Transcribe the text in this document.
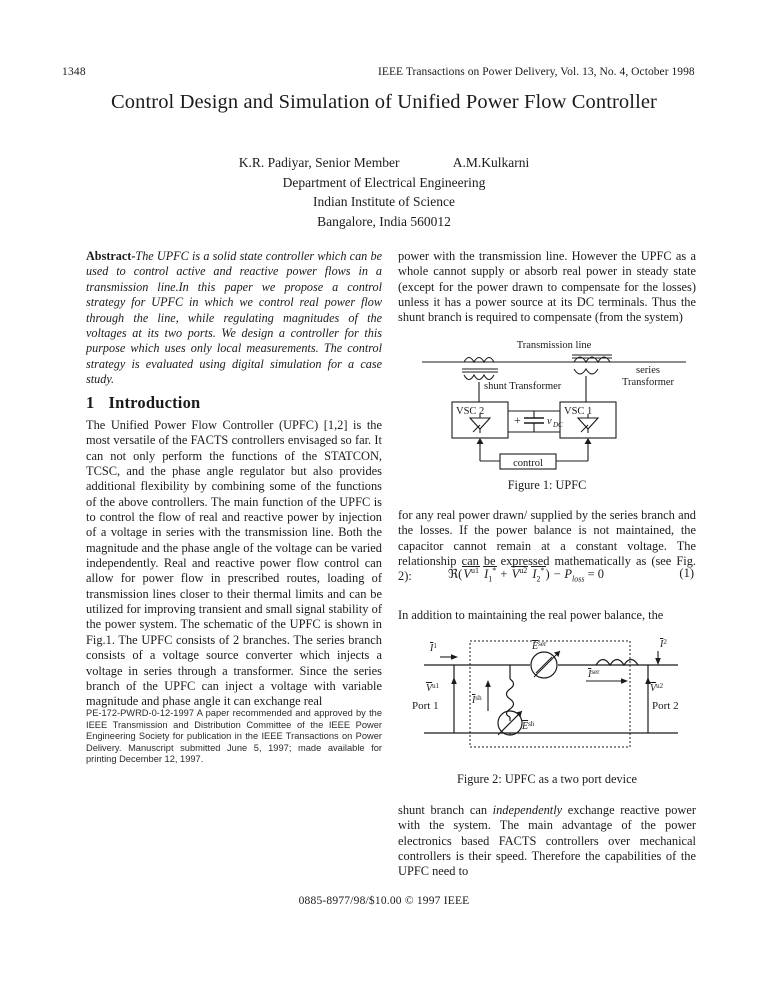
1348	IEEE Transactions on Power Delivery, Vol. 13, No. 4, October 1998
Control Design and Simulation of Unified Power Flow Controller
K.R. Padiyar, Senior Member                A.M.Kulkarni
Department of Electrical Engineering
Indian Institute of Science
Bangalore, India 560012
Abstract-The UPFC is a solid state controller which can be used to control active and reactive power flows in a transmission line.In this paper we propose a control strategy for UPFC in which we control real power flow through the line, while regulating magnitudes of the voltages at its two ports. We design a controller for this purpose which uses only local measurements. The control strategy is evaluated using digital simulation for a case study.
1 Introduction
The Unified Power Flow Controller (UPFC) [1,2] is the most versatile of the FACTS controllers envisaged so far. It can not only perform the functions of the STATCON, TCSC, and the phase angle regulator but also provides additional flexibility by combining some of the functions of the above controllers. The main function of the UPFC is to control the flow of real and reactive power by injection of a voltage in series with the transmission line. Both the magnitude and the phase angle of the voltage can be varied independently. Real and reactive power flow control can allow for power flow in prescribed routes, loading of transmission lines closer to their thermal limits and can be utilized for improving transient and small signal stability of the power system. The schematic of the UPFC is shown in Fig.1. The UPFC consists of 2 branches. The series branch consists of a voltage source converter which injects a voltage in series through a transformer. Since the series branch of the UPFC can inject a voltage with variable magnitude and phase angle it can exchange real
PE-172-PWRD-0-12-1997 A paper recommended and approved by the IEEE Transmission and Distribution Committee of the IEEE Power Engineering Society for publication in the IEEE Transactions on Power Delivery. Manuscript submitted June 5, 1997; made available for printing December 12, 1997.
power with the transmission line. However the UPFC as a whole cannot supply or absorb real power in steady state (except for the power drawn to compensate for the losses) unless it has a power source at its DC terminals. Thus the shunt branch is required to compensate (from the system)
Transmission line
shunt Transformer
series
Transformer
VSC 2	VSC 1
+ v DC
control
Figure 1: UPFC
for any real power drawn/ supplied by the series branch and the losses. If the power balance is not maintained, the capacitor cannot remain at a constant voltage. The relationship can be expressed mathematically as (see Fig. 2):	$ℜ(V^{u1}$ $I_1^* + V^{u2}$ $I_2^*) - P_{loss} = 0$	(1)
In addition to maintaining the real power balance, the
$I^1$	$I^2$
$E^{ser}$
$E^{sh}$
$I^{sh}$
$I^{ser}$
$V^{u1}$	$V^{u2}$
Port 1	Port 2
Figure 2: UPFC as a two port device
shunt branch can independently exchange reactive power with the system. The main advantage of the power electronics based FACTS controllers over mechanical controllers is their speed. Therefore the capabilities of the UPFC need to
0885-8977/98/$10.00 © 1997 IEEE
